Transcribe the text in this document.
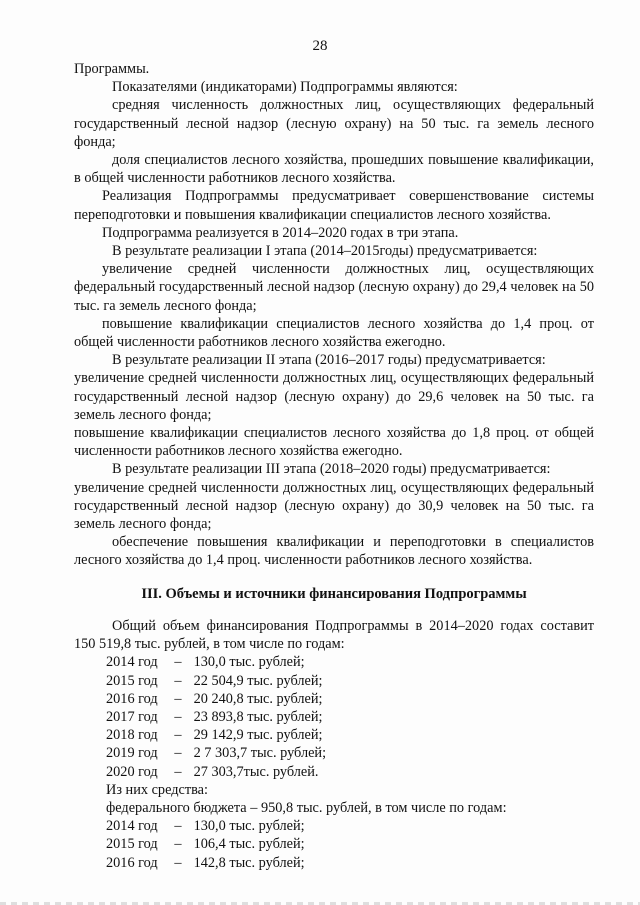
28

Программы.

Показателями (индикаторами) Подпрограммы являются:

средняя численность должностных лиц, осуществляющих федеральный государственный лесной надзор (лесную охрану) на 50 тыс. га земель лесного фонда;

доля специалистов лесного хозяйства, прошедших повышение квалификации, в общей численности работников лесного хозяйства.

Реализация Подпрограммы предусматривает совершенствование системы переподготовки и повышения квалификации специалистов лесного хозяйства.

Подпрограмма реализуется в 2014–2020 годах в три этапа.

В результате реализации I этапа (2014–2015годы) предусматривается:

увеличение средней численности должностных лиц, осуществляющих федеральный государственный лесной надзор (лесную охрану) до 29,4 человек на 50 тыс. га земель лесного фонда;

повышение квалификации специалистов лесного хозяйства до 1,4 проц. от общей численности работников лесного хозяйства ежегодно.

В результате реализации II этапа (2016–2017 годы) предусматривается:

увеличение средней численности должностных лиц, осуществляющих федеральный государственный лесной надзор (лесную охрану) до 29,6 человек на 50 тыс. га земель лесного фонда;

повышение квалификации специалистов лесного хозяйства до 1,8 проц. от общей численности работников лесного хозяйства ежегодно.

В результате реализации III этапа (2018–2020 годы) предусматривается:

увеличение средней численности должностных лиц, осуществляющих федеральный государственный лесной надзор (лесную охрану) до 30,9 человек на 50 тыс. га земель лесного фонда;

обеспечение повышения квалификации и переподготовки в специалистов лесного хозяйства до 1,4 проц. численности работников лесного хозяйства.

III. Объемы и источники финансирования Подпрограммы

Общий объем финансирования Подпрограммы в 2014–2020 годах составит 150 519,8 тыс. рублей, в том числе по годам:

2014 год – 130,0 тыс. рублей;

2015 год – 22 504,9 тыс. рублей;

2016 год – 20 240,8 тыс. рублей;

2017 год – 23 893,8 тыс. рублей;

2018 год – 29 142,9 тыс. рублей;

2019 год – 2 7 303,7 тыс. рублей;

2020 год – 27 303,7тыс. рублей.

Из них средства:

федерального бюджета – 950,8 тыс. рублей, в том числе по годам:

2014 год – 130,0 тыс. рублей;

2015 год – 106,4 тыс. рублей;

2016 год – 142,8 тыс. рублей;
